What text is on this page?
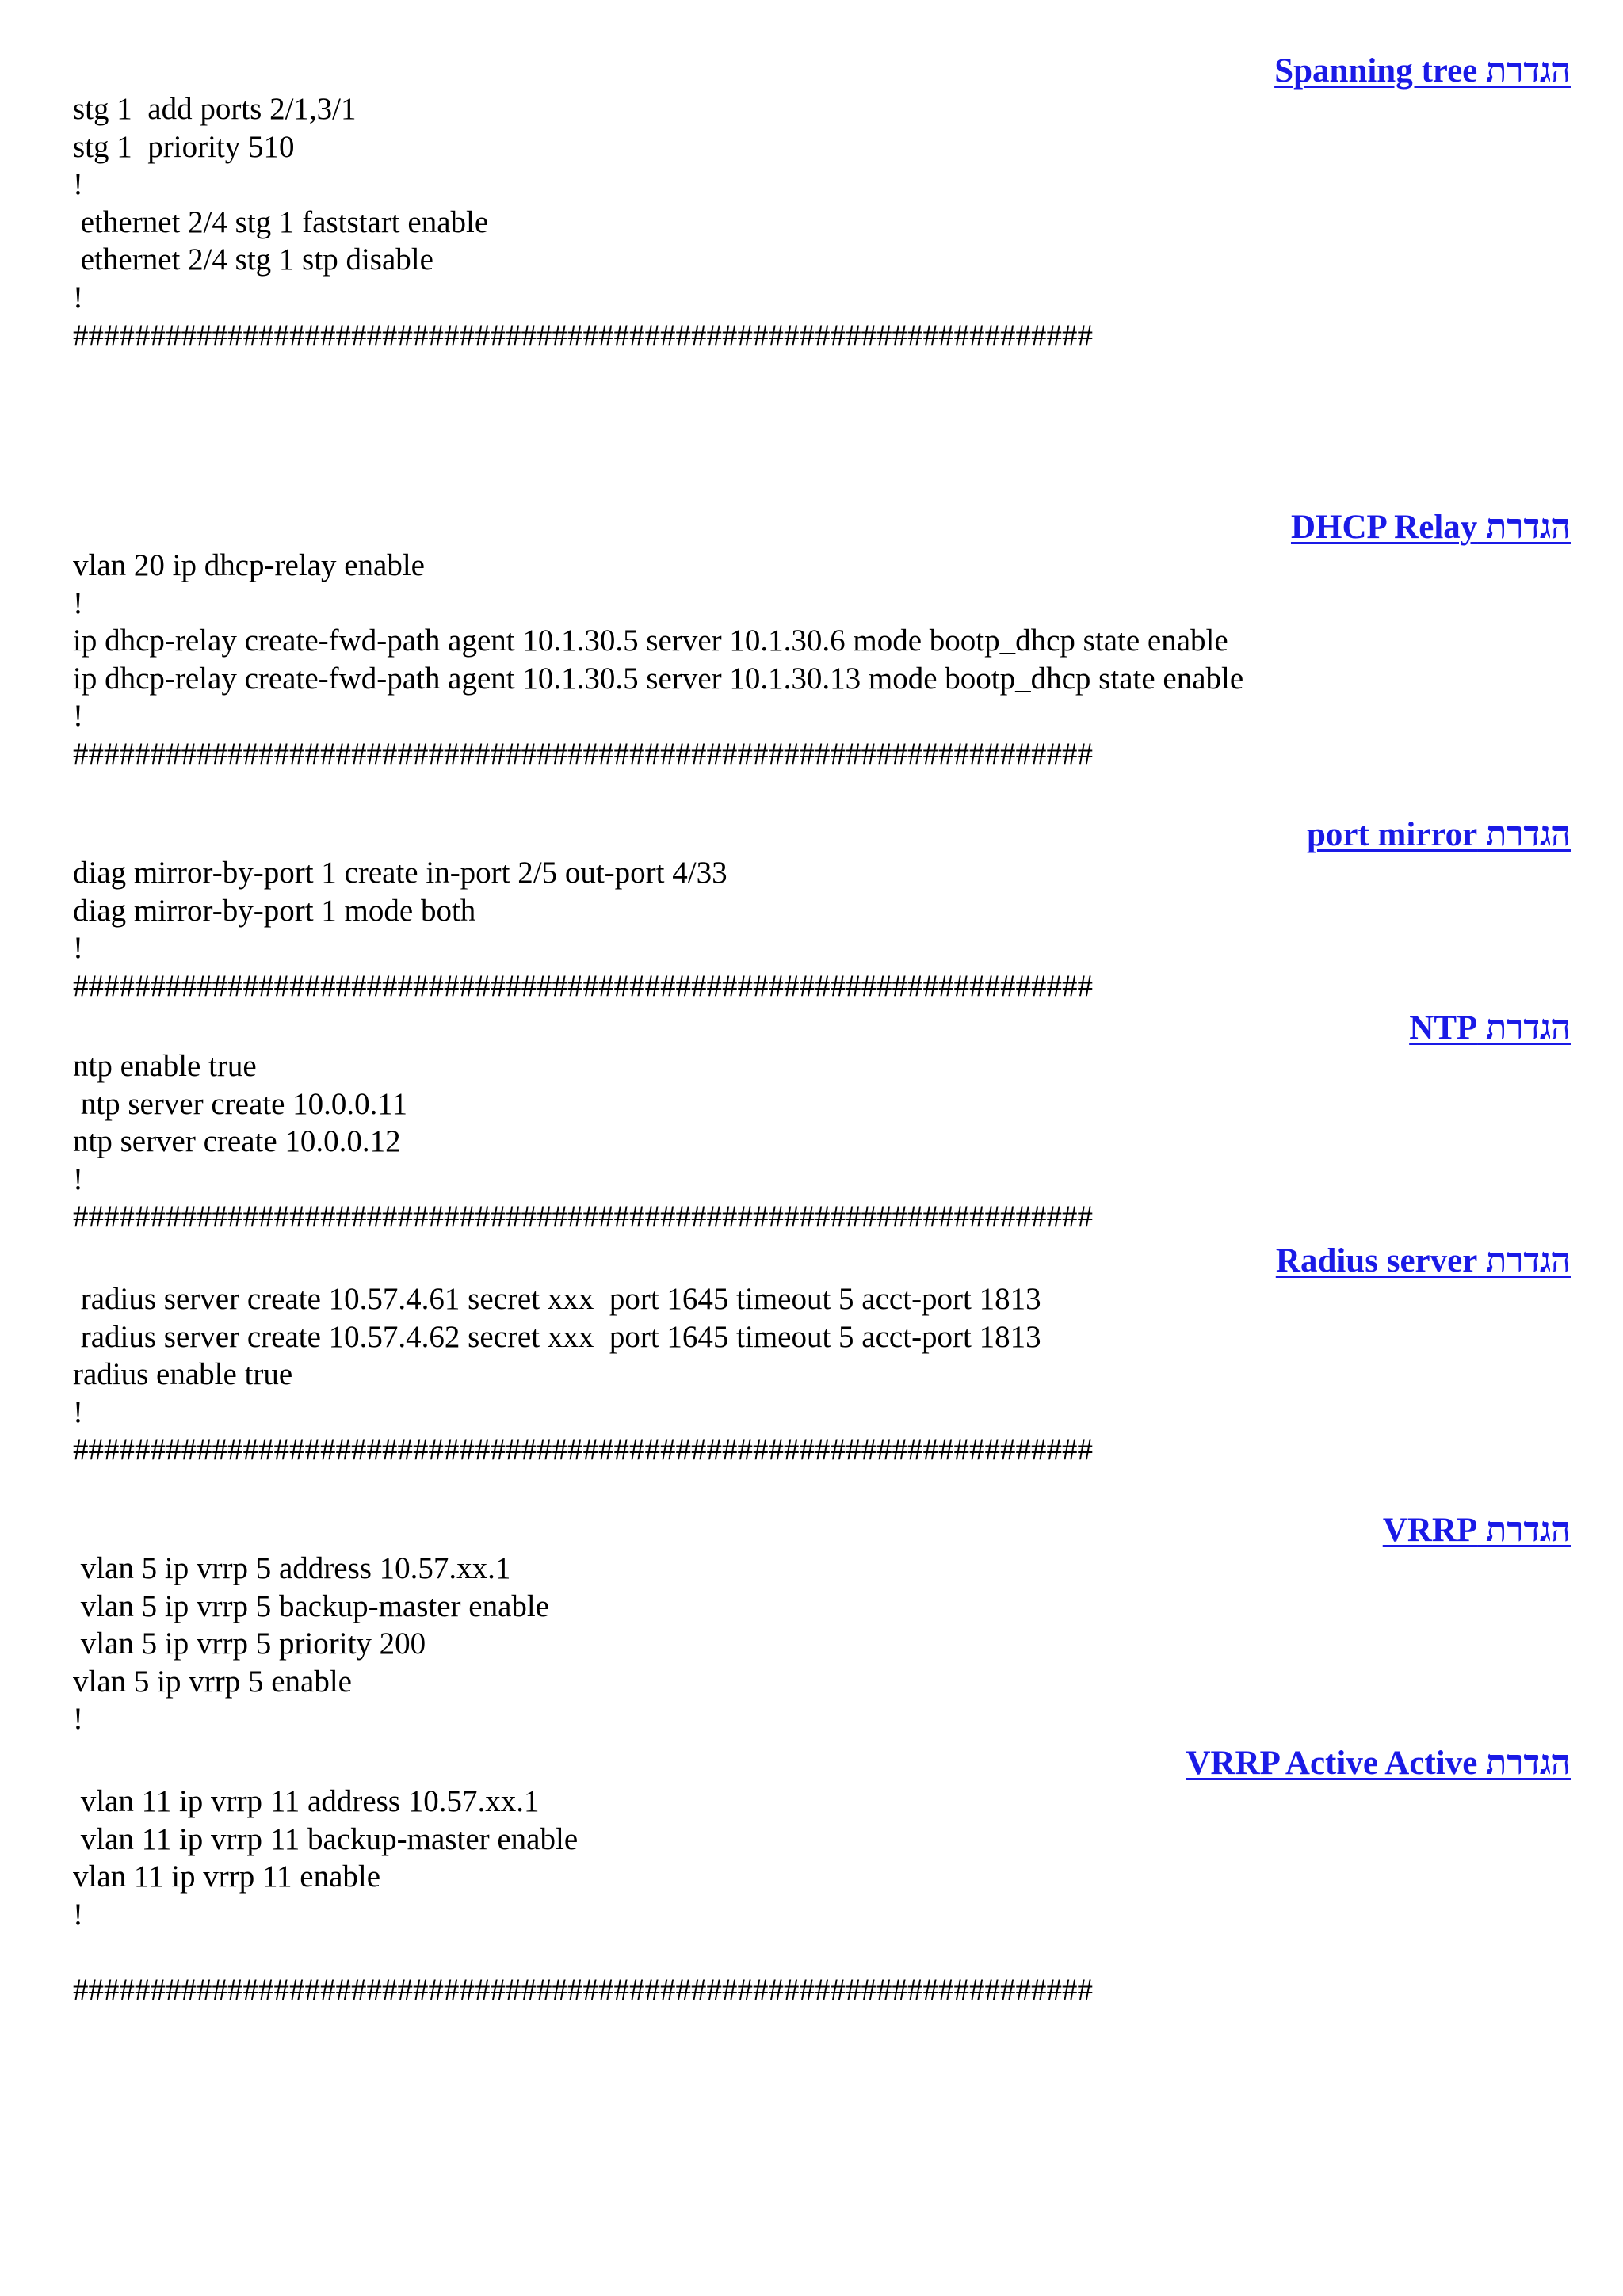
הגדרת Spanning tree
stg 1  add ports 2/1,3/1
stg 1  priority 510
!
ethernet 2/4 stg 1 faststart enable
ethernet 2/4 stg 1 stp disable
!
##################################################################
הגדרת DHCP Relay
vlan 20 ip dhcp-relay enable
!
ip dhcp-relay create-fwd-path agent 10.1.30.5 server 10.1.30.6 mode bootp_dhcp state enable
ip dhcp-relay create-fwd-path agent 10.1.30.5 server 10.1.30.13 mode bootp_dhcp state enable
!
##################################################################
הגדרת port mirror
diag mirror-by-port 1 create in-port 2/5 out-port 4/33
diag mirror-by-port 1 mode both
!
##################################################################
הגדרת NTP
ntp enable true
ntp server create 10.0.0.11
ntp server create 10.0.0.12
!
##################################################################
הגדרת Radius server
radius server create 10.57.4.61 secret xxx  port 1645 timeout 5 acct-port 1813
radius server create 10.57.4.62 secret xxx  port 1645 timeout 5 acct-port 1813
radius enable true
!
##################################################################
הגדרת VRRP
vlan 5 ip vrrp 5 address 10.57.xx.1
vlan 5 ip vrrp 5 backup-master enable
vlan 5 ip vrrp 5 priority 200
vlan 5 ip vrrp 5 enable
!
הגדרת VRRP Active Active
vlan 11 ip vrrp 11 address 10.57.xx.1
vlan 11 ip vrrp 11 backup-master enable
vlan 11 ip vrrp 11 enable
!
##################################################################
